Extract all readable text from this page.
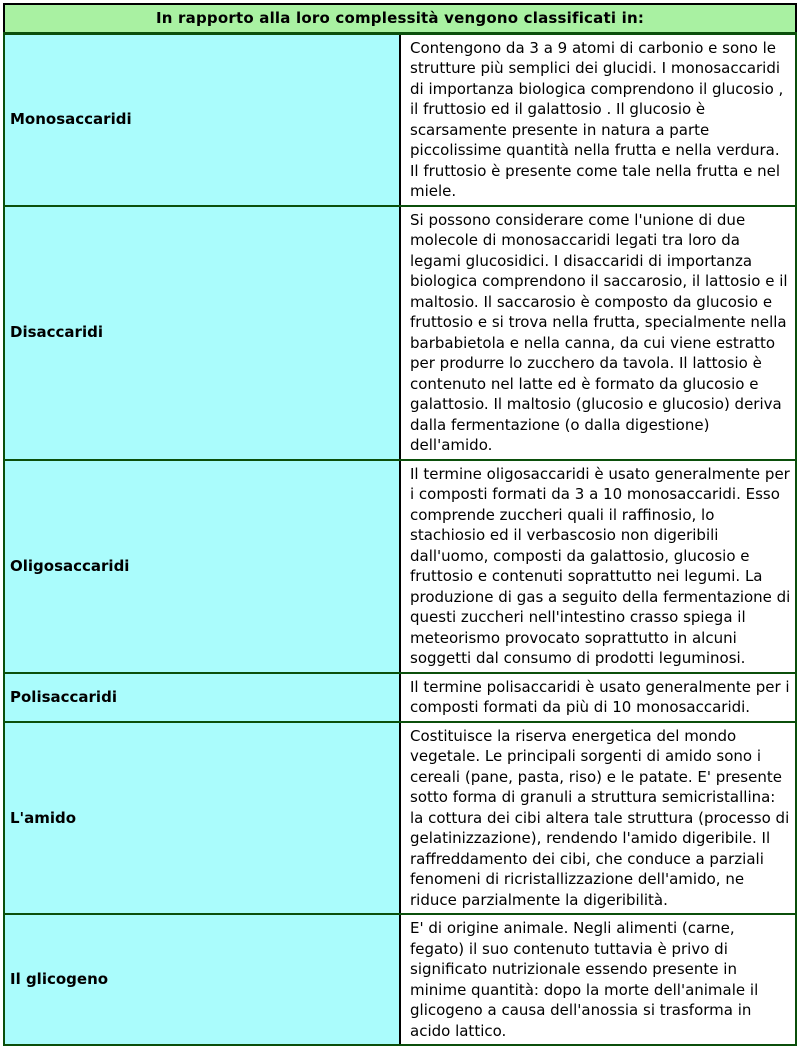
In rapporto alla loro complessità vengono classificati in:	
Monosaccaridi	Contengono da 3 a 9 atomi di carbonio e sono le strutture più semplici dei glucidi. I monosaccaridi di importanza biologica comprendono il glucosio , il fruttosio ed il galattosio . Il glucosio è scarsamente presente in natura a parte piccolissime quantità nella frutta e nella verdura. Il fruttosio è presente come tale nella frutta e nel miele.
Disaccaridi	Si possono considerare come l'unione di due molecole di monosaccaridi legati tra loro da legami glucosidici. I disaccaridi di importanza biologica comprendono il saccarosio, il lattosio e il maltosio. Il saccarosio è composto da glucosio e fruttosio e si trova nella frutta, specialmente nella barbabietola e nella canna, da cui viene estratto per produrre lo zucchero da tavola. Il lattosio è contenuto nel latte ed è formato da glucosio e galattosio. Il maltosio (glucosio e glucosio) deriva dalla fermentazione (o dalla digestione) dell'amido.
Oligosaccaridi	Il termine oligosaccaridi è usato generalmente per i composti formati da 3 a 10 monosaccaridi. Esso comprende zuccheri quali il raffinosio, lo stachiosio ed il verbascosio non digeribili dall'uomo, composti da galattosio, glucosio e fruttosio e contenuti soprattutto nei legumi. La produzione di gas a seguito della fermentazione di questi zuccheri nell'intestino crasso spiega il meteorismo provocato soprattutto in alcuni soggetti dal consumo di prodotti leguminosi.
Polisaccaridi	Il termine polisaccaridi è usato generalmente per i composti formati da più di 10 monosaccaridi.
L'amido	Costituisce la riserva energetica del mondo vegetale. Le principali sorgenti di amido sono i cereali (pane, pasta, riso) e le patate. E' presente sotto forma di granuli a struttura semicristallina: la cottura dei cibi altera tale struttura (processo di gelatinizzazione), rendendo l'amido digeribile. Il raffreddamento dei cibi, che conduce a parziali fenomeni di ricristallizzazione dell'amido, ne riduce parzialmente la digeribilità.
Il glicogeno	E' di origine animale. Negli alimenti (carne, fegato) il suo contenuto tuttavia è privo di significato nutrizionale essendo presente in minime quantità: dopo la morte dell'animale il glicogeno a causa dell'anossia si trasforma in acido lattico.
